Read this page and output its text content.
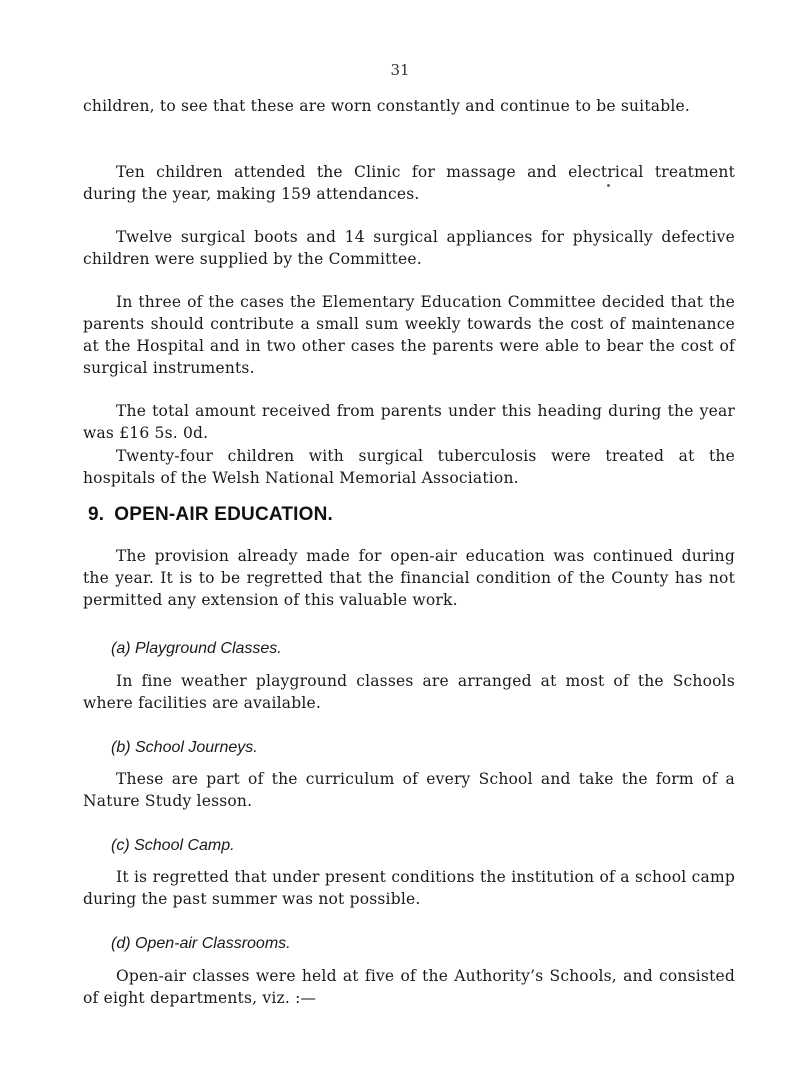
31

children, to see that these are worn constantly and continue to be suitable.

Ten children attended the Clinic for massage and electrical treatment during the year, making 159 attendances.

Twelve surgical boots and 14 surgical appliances for physically defective children were supplied by the Committee.

In three of the cases the Elementary Education Committee decided that the parents should contribute a small sum weekly towards the cost of maintenance at the Hospital and in two other cases the parents were able to bear the cost of surgical instruments.

The total amount received from parents under this heading during the year was £16 5s. 0d.

Twenty-four children with surgical tuberculosis were treated at the hospitals of the Welsh National Memorial Association.

9. OPEN-AIR EDUCATION.

The provision already made for open-air education was continued during the year. It is to be regretted that the financial condition of the County has not permitted any extension of this valuable work.

(a) Playground Classes.

In fine weather playground classes are arranged at most of the Schools where facilities are available.

(b) School Journeys.

These are part of the curriculum of every School and take the form of a Nature Study lesson.

(c) School Camp.

It is regretted that under present conditions the institution of a school camp during the past summer was not possible.

(d) Open-air Classrooms.

Open-air classes were held at five of the Authority’s Schools, and consisted of eight departments, viz. :—
